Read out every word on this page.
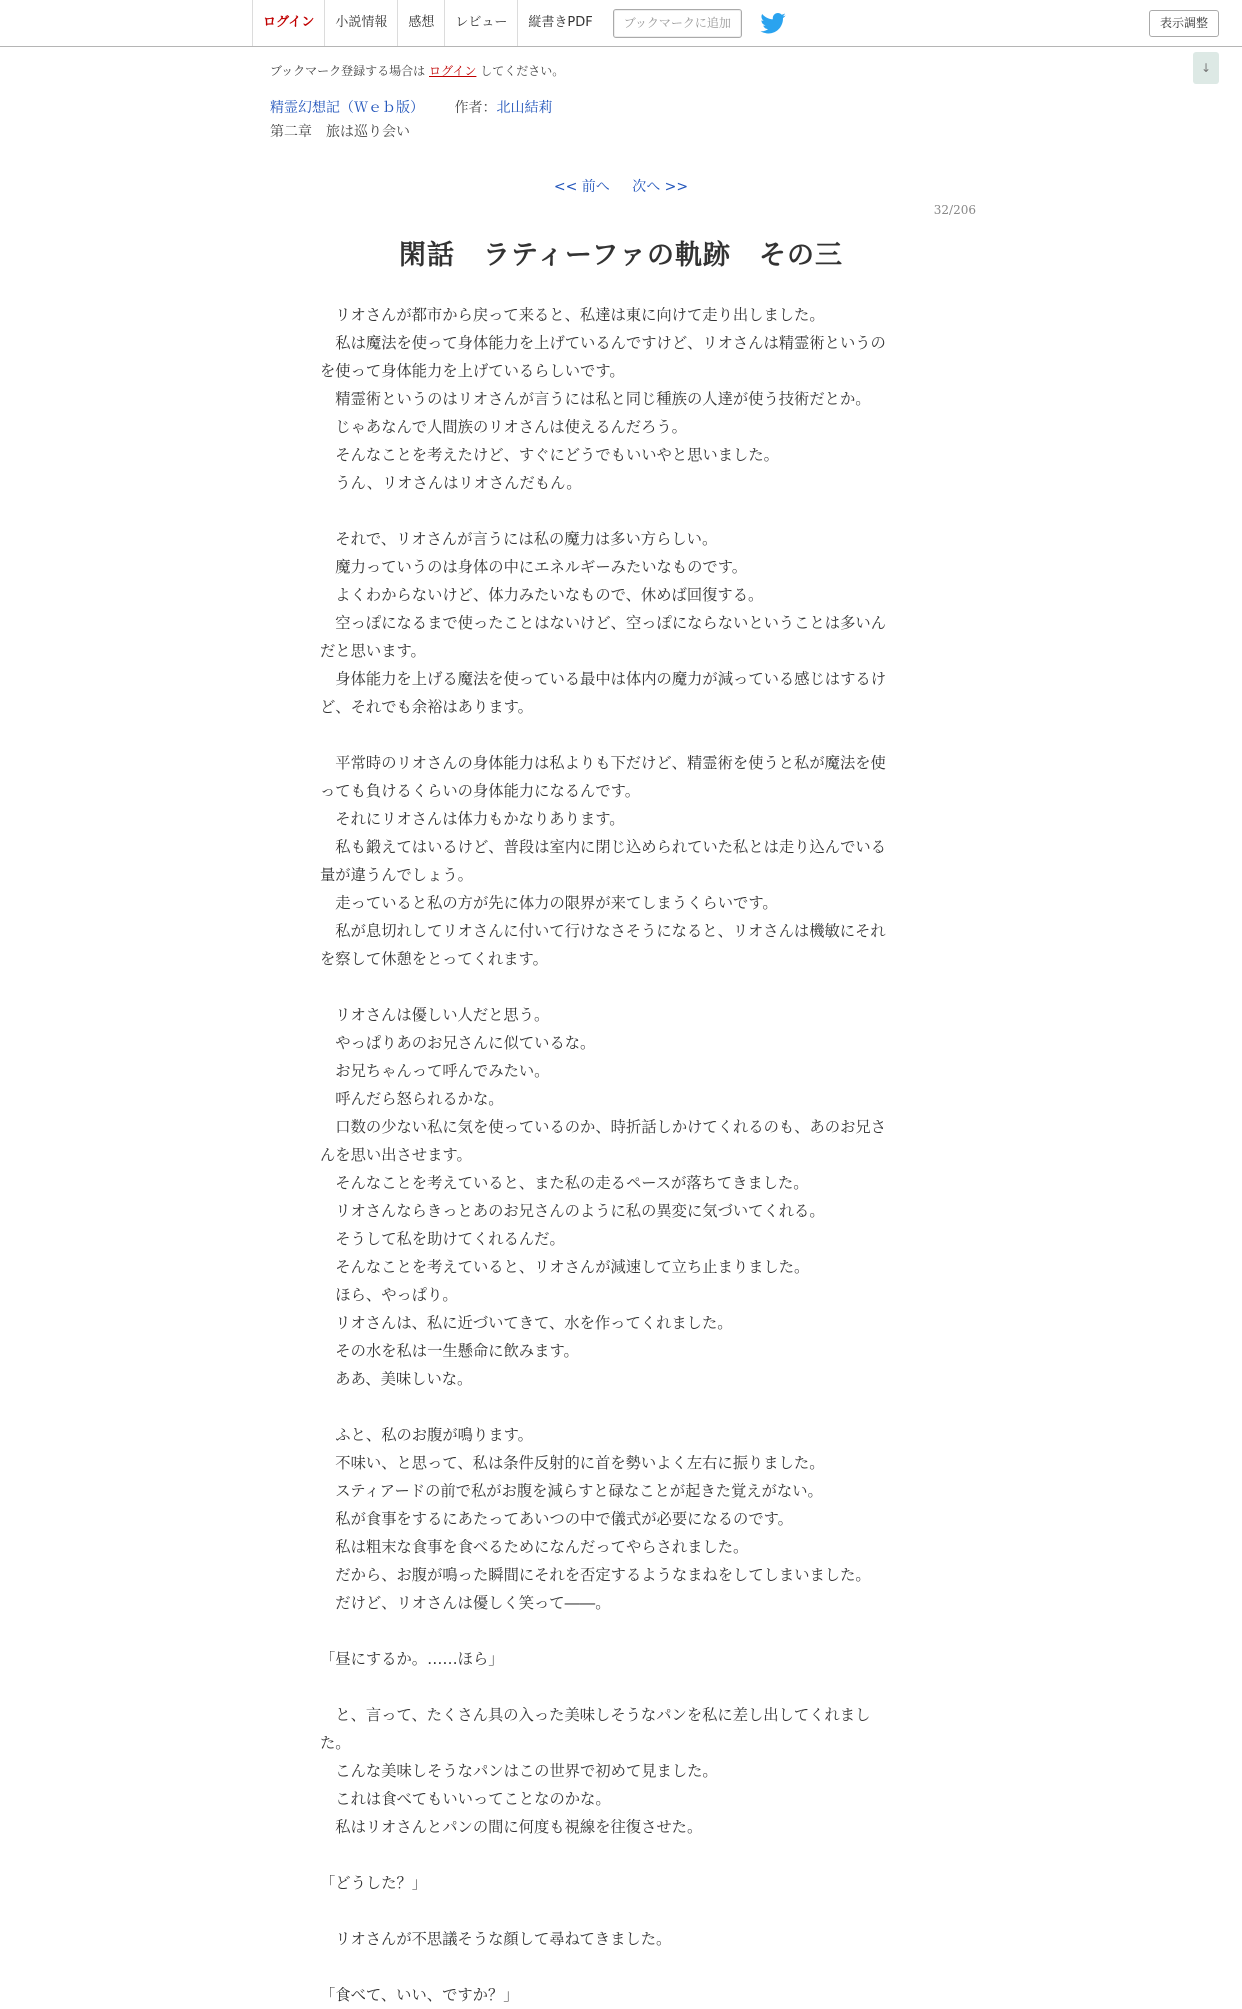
ログイン	小説情報	感想	レビュー	縦書きPDF	ブックマークに追加	表示調整
↓
ブックマーク登録する場合は ログイン してください。
精霊幻想記（Ｗｅｂ版） 作者：北山結莉
第二章　旅は巡り会い
<< 前へ 次へ >>
32/206
閑話　ラティーファの軌跡　その三
　リオさんが都市から戻って来ると、私達は東に向けて走り出しました。
　私は魔法を使って身体能力を上げているんですけど、リオさんは精霊術というの
を使って身体能力を上げているらしいです。
　精霊術というのはリオさんが言うには私と同じ種族の人達が使う技術だとか。
　じゃあなんで人間族のリオさんは使えるんだろう。
　そんなことを考えたけど、すぐにどうでもいいやと思いました。
　うん、リオさんはリオさんだもん。

　それで、リオさんが言うには私の魔力は多い方らしい。
　魔力っていうのは身体の中にエネルギーみたいなものです。
　よくわからないけど、体力みたいなもので、休めば回復する。
　空っぽになるまで使ったことはないけど、空っぽにならないということは多いん
だと思います。
　身体能力を上げる魔法を使っている最中は体内の魔力が減っている感じはするけ
ど、それでも余裕はあります。

　平常時のリオさんの身体能力は私よりも下だけど、精霊術を使うと私が魔法を使
っても負けるくらいの身体能力になるんです。
　それにリオさんは体力もかなりあります。
　私も鍛えてはいるけど、普段は室内に閉じ込められていた私とは走り込んでいる
量が違うんでしょう。
　走っていると私の方が先に体力の限界が来てしまうくらいです。
　私が息切れしてリオさんに付いて行けなさそうになると、リオさんは機敏にそれ
を察して休憩をとってくれます。

　リオさんは優しい人だと思う。
　やっぱりあのお兄さんに似ているな。
　お兄ちゃんって呼んでみたい。
　呼んだら怒られるかな。
　口数の少ない私に気を使っているのか、時折話しかけてくれるのも、あのお兄さ
んを思い出させます。
　そんなことを考えていると、また私の走るペースが落ちてきました。
　リオさんならきっとあのお兄さんのように私の異変に気づいてくれる。
　そうして私を助けてくれるんだ。
　そんなことを考えていると、リオさんが減速して立ち止まりました。
　ほら、やっぱり。
　リオさんは、私に近づいてきて、水を作ってくれました。
　その水を私は一生懸命に飲みます。
　ああ、美味しいな。

　ふと、私のお腹が鳴ります。
　不味い、と思って、私は条件反射的に首を勢いよく左右に振りました。
　スティアードの前で私がお腹を減らすと碌なことが起きた覚えがない。
　私が食事をするにあたってあいつの中で儀式が必要になるのです。
　私は粗末な食事を食べるためになんだってやらされました。
　だから、お腹が鳴った瞬間にそれを否定するようなまねをしてしまいました。
　だけど、リオさんは優しく笑って――。

「昼にするか。……ほら」

　と、言って、たくさん具の入った美味しそうなパンを私に差し出してくれまし
た。
　こんな美味しそうなパンはこの世界で初めて見ました。
　これは食べてもいいってことなのかな。
　私はリオさんとパンの間に何度も視線を往復させた。

「どうした？」

　リオさんが不思議そうな顔して尋ねてきました。

「食べて、いい、ですか？」
